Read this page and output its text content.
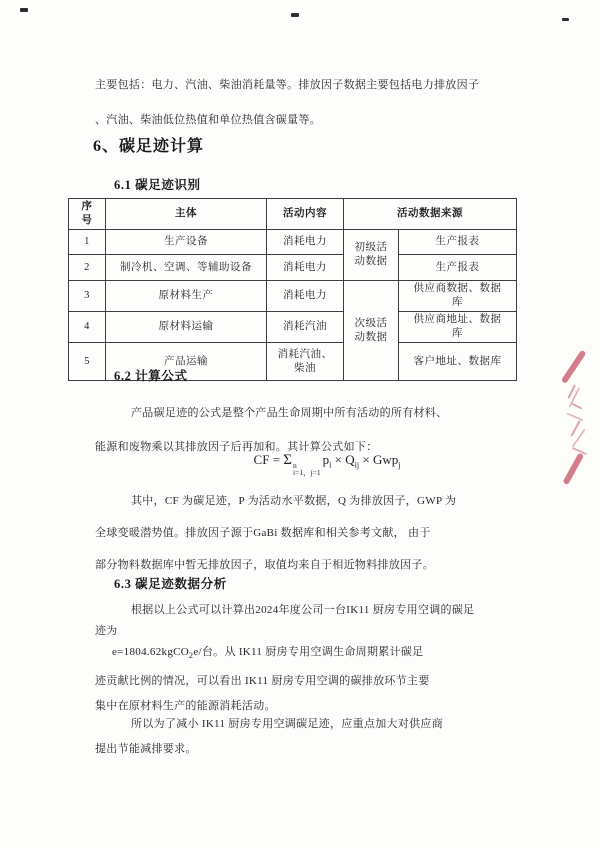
主要包括：电力、汽油、柴油消耗量等。排放因子数据主要包括电力排放因子
、汽油、柴油低位热值和单位热值含碳量等。
6、碳足迹计算
6.1 碳足迹识别
序号	主体	活动内容	活动数据来源	
1	生产设备	消耗电力	初级活动数据	生产报表
2	制冷机、空调、等辅助设备	消耗电力		生产报表
3	原材料生产	消耗电力	次级活动数据	供应商数据、数据库
4	原材料运输	消耗汽油		供应商地址、数据库
5	产品运输	消耗汽油、柴油		客户地址、数据库
6.2 计算公式
产品碳足迹的公式是整个产品生命周期中所有活动的所有材料、
能源和废物乘以其排放因子后再加和。其计算公式如下：
CF = Σ n
i=1，j=1
$p_i \times Q_{ij} \times Gwp_j$
其中，CF 为碳足迹，P 为活动水平数据，Q 为排放因子，GWP 为
全球变暖潜势值。排放因子源于GaBi 数据库和相关参考文献， 由于
部分物料数据库中暂无排放因子，取值均来自于相近物料排放因子。
6.3 碳足迹数据分析
根据以上公式可以计算出2024年度公司一台IK11 厨房专用空调的碳足
迹为
e=1804.62kgCO$_2$e/台。从 IK11 厨房专用空调生命周期累计碳足
迹贡献比例的情况，可以看出 IK11 厨房专用空调的碳排放环节主要
集中在原材料生产的能源消耗活动。
所以为了减小 IK11 厨房专用空调碳足迹，应重点加大对供应商
提出节能减排要求。
